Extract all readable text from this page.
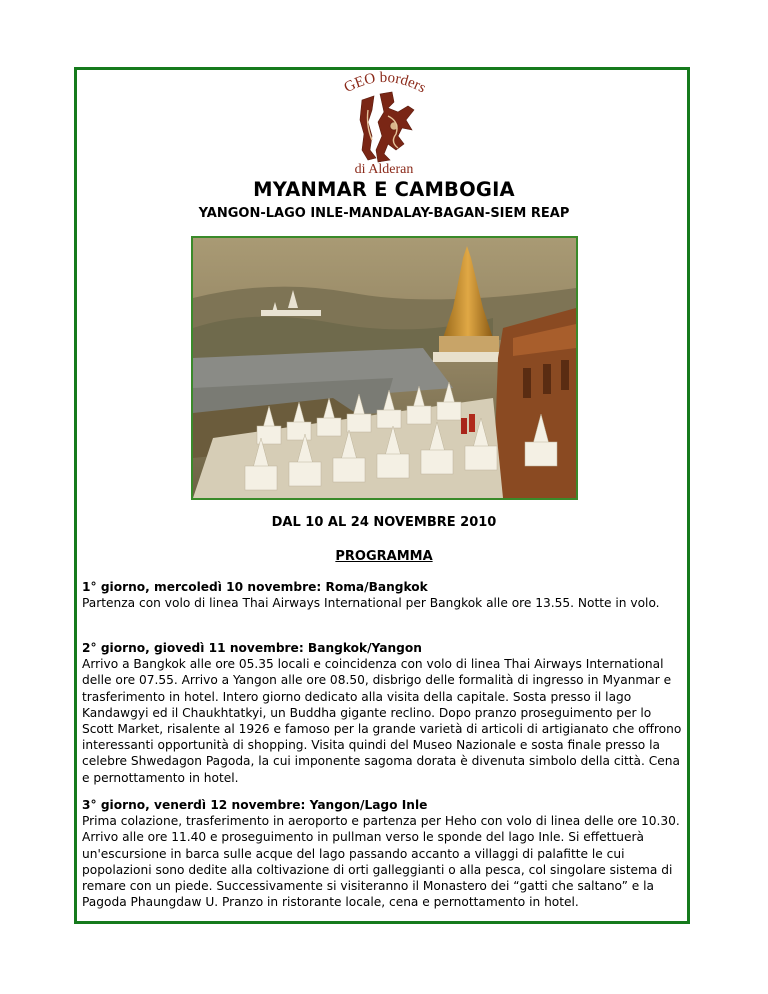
GEO borders
di Alderan
MYANMAR E CAMBOGIA
YANGON-LAGO INLE-MANDALAY-BAGAN-SIEM REAP
DAL 10 AL 24 NOVEMBRE 2010
PROGRAMMA
1° giorno, mercoledì 10 novembre: Roma/Bangkok
Partenza con volo di linea Thai Airways International per Bangkok alle ore 13.55. Notte in volo.
2° giorno, giovedì 11 novembre: Bangkok/Yangon
Arrivo a Bangkok alle ore 05.35 locali e coincidenza con volo di linea Thai Airways International delle ore 07.55. Arrivo a Yangon alle ore 08.50, disbrigo delle formalità di ingresso in Myanmar e trasferimento in hotel. Intero giorno dedicato alla visita della capitale. Sosta presso il lago Kandawgyi ed il Chaukhtatkyi, un Buddha gigante reclino. Dopo pranzo proseguimento per lo Scott Market, risalente al 1926 e famoso per la grande varietà di articoli di artigianato che offrono interessanti opportunità di shopping. Visita quindi del Museo Nazionale e sosta finale presso la celebre Shwedagon Pagoda, la cui imponente sagoma dorata è divenuta simbolo della città. Cena e pernottamento in hotel.
3° giorno, venerdì 12 novembre: Yangon/Lago Inle
Prima colazione, trasferimento in aeroporto e partenza per Heho con volo di linea delle ore 10.30. Arrivo alle ore 11.40 e proseguimento in pullman verso le sponde del lago Inle. Si effettuerà un'escursione in barca sulle acque del lago passando accanto a villaggi di palafitte le cui popolazioni sono dedite alla coltivazione di orti galleggianti o alla pesca, col singolare sistema di remare con un piede. Successivamente si visiteranno il Monastero dei “gatti che saltano” e la Pagoda Phaungdaw U. Pranzo in ristorante locale, cena e pernottamento in hotel.
